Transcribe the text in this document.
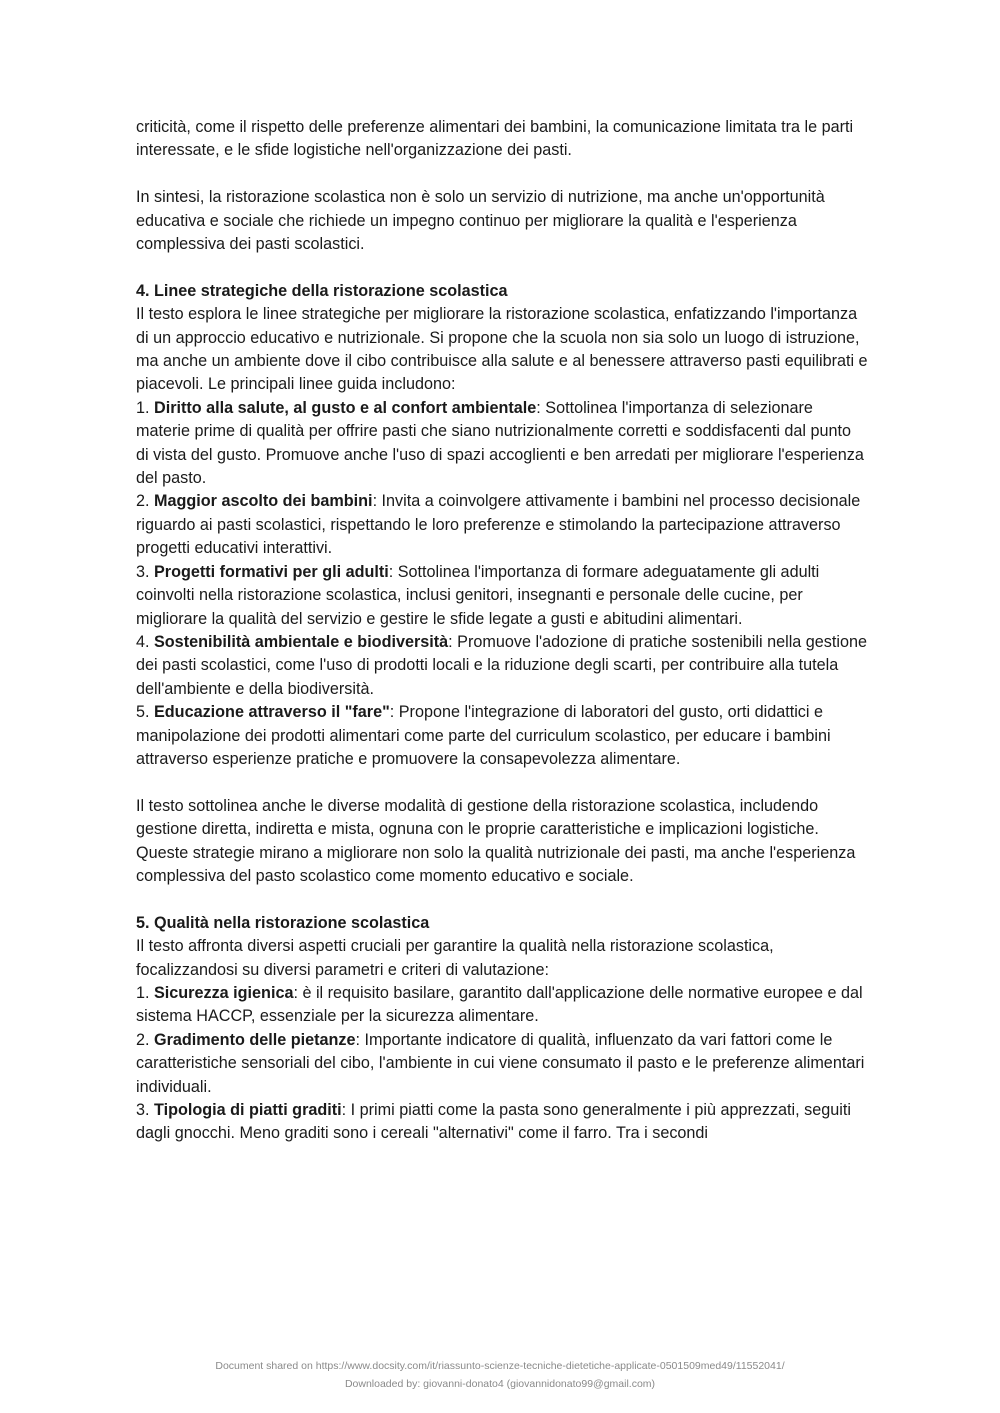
criticità, come il rispetto delle preferenze alimentari dei bambini, la comunicazione limitata tra le parti interessate, e le sfide logistiche nell'organizzazione dei pasti.

In sintesi, la ristorazione scolastica non è solo un servizio di nutrizione, ma anche un'opportunità educativa e sociale che richiede un impegno continuo per migliorare la qualità e l'esperienza complessiva dei pasti scolastici.

4. Linee strategiche della ristorazione scolastica

Il testo esplora le linee strategiche per migliorare la ristorazione scolastica, enfatizzando l'importanza di un approccio educativo e nutrizionale. Si propone che la scuola non sia solo un luogo di istruzione, ma anche un ambiente dove il cibo contribuisce alla salute e al benessere attraverso pasti equilibrati e piacevoli. Le principali linee guida includono:

1. Diritto alla salute, al gusto e al confort ambientale: Sottolinea l'importanza di selezionare materie prime di qualità per offrire pasti che siano nutrizionalmente corretti e soddisfacenti dal punto di vista del gusto. Promuove anche l'uso di spazi accoglienti e ben arredati per migliorare l'esperienza del pasto.

2. Maggior ascolto dei bambini: Invita a coinvolgere attivamente i bambini nel processo decisionale riguardo ai pasti scolastici, rispettando le loro preferenze e stimolando la partecipazione attraverso progetti educativi interattivi.

3. Progetti formativi per gli adulti: Sottolinea l'importanza di formare adeguatamente gli adulti coinvolti nella ristorazione scolastica, inclusi genitori, insegnanti e personale delle cucine, per migliorare la qualità del servizio e gestire le sfide legate a gusti e abitudini alimentari.

4. Sostenibilità ambientale e biodiversità: Promuove l'adozione di pratiche sostenibili nella gestione dei pasti scolastici, come l'uso di prodotti locali e la riduzione degli scarti, per contribuire alla tutela dell'ambiente e della biodiversità.

5. Educazione attraverso il "fare": Propone l'integrazione di laboratori del gusto, orti didattici e manipolazione dei prodotti alimentari come parte del curriculum scolastico, per educare i bambini attraverso esperienze pratiche e promuovere la consapevolezza alimentare.

Il testo sottolinea anche le diverse modalità di gestione della ristorazione scolastica, includendo gestione diretta, indiretta e mista, ognuna con le proprie caratteristiche e implicazioni logistiche. Queste strategie mirano a migliorare non solo la qualità nutrizionale dei pasti, ma anche l'esperienza complessiva del pasto scolastico come momento educativo e sociale.

5. Qualità nella ristorazione scolastica

Il testo affronta diversi aspetti cruciali per garantire la qualità nella ristorazione scolastica, focalizzandosi su diversi parametri e criteri di valutazione:

1. Sicurezza igienica: è il requisito basilare, garantito dall'applicazione delle normative europee e dal sistema HACCP, essenziale per la sicurezza alimentare.

2. Gradimento delle pietanze: Importante indicatore di qualità, influenzato da vari fattori come le caratteristiche sensoriali del cibo, l'ambiente in cui viene consumato il pasto e le preferenze alimentari individuali.

3. Tipologia di piatti graditi: I primi piatti come la pasta sono generalmente i più apprezzati, seguiti dagli gnocchi. Meno graditi sono i cereali "alternativi" come il farro. Tra i secondi

Document shared on https://www.docsity.com/it/riassunto-scienze-tecniche-dietetiche-applicate-0501509med49/11552041/
Downloaded by: giovanni-donato4 (giovannidonato99@gmail.com)
